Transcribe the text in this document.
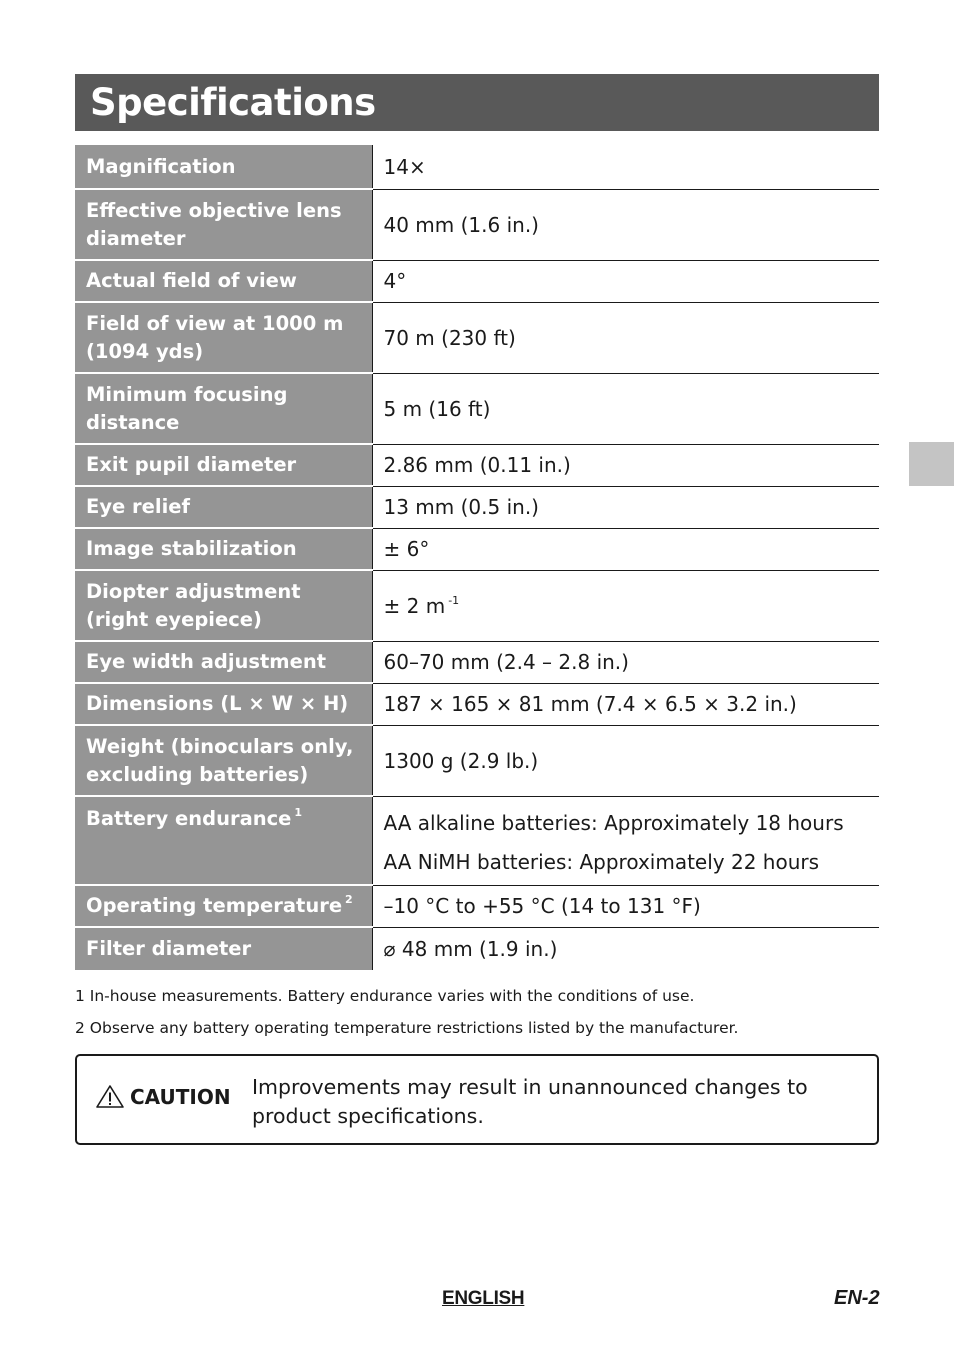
Specifications
Magnification	14×
Effective objective lens diameter	40 mm (1.6 in.)
Actual field of view	4°
Field of view at 1000 m (1094 yds)	70 m (230 ft)
Minimum focusing distance	5 m (16 ft)
Exit pupil diameter	2.86 mm (0.11 in.)
Eye relief	13 mm (0.5 in.)
Image stabilization	± 6°
Diopter adjustment (right eyepiece)	± 2 m $^{-1}$
Eye width adjustment	60–70 mm (2.4 – 2.8 in.)
Dimensions (L × W × H)	187 × 165 × 81 mm (7.4 × 6.5 × 3.2 in.)
Weight (binoculars only, excluding batteries)	1300 g (2.9 lb.)
Battery endurance $^1$	AA alkaline batteries: Approximately 18 hours
AA NiMH batteries: Approximately 22 hours

Operating temperature $^2$	–10 °C to +55 °C (14 to 131 °F)
Filter diameter	⌀ 48 mm (1.9 in.)
1 In-house measurements. Battery endurance varies with the conditions of use.
2 Observe any battery operating temperature restrictions listed by the manufacturer.
CAUTION Improvements may result in unannounced changes to product specifications.
ENGLISH	EN-2
